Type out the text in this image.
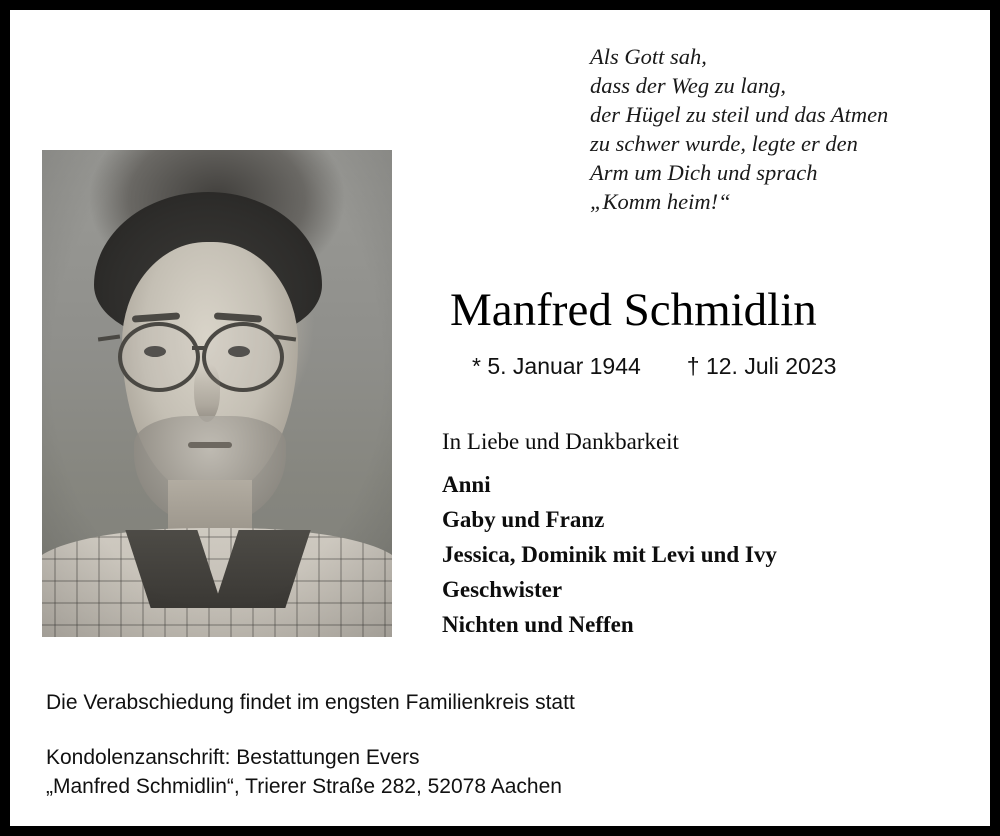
Als Gott sah,
dass der Weg zu lang,
der Hügel zu steil und das Atmen
zu schwer wurde, legte er den
Arm um Dich und sprach
„Komm heim!“
Manfred Schmidlin
* 5. Januar 1944 † 12. Juli 2023
In Liebe und Dankbarkeit
Anni
Gaby und Franz
Jessica, Dominik mit Levi und Ivy
Geschwister
Nichten und Neffen
Die Verabschiedung findet im engsten Familienkreis statt
Kondolenzanschrift: Bestattungen Evers
„Manfred Schmidlin“, Trierer Straße 282, 52078 Aachen
